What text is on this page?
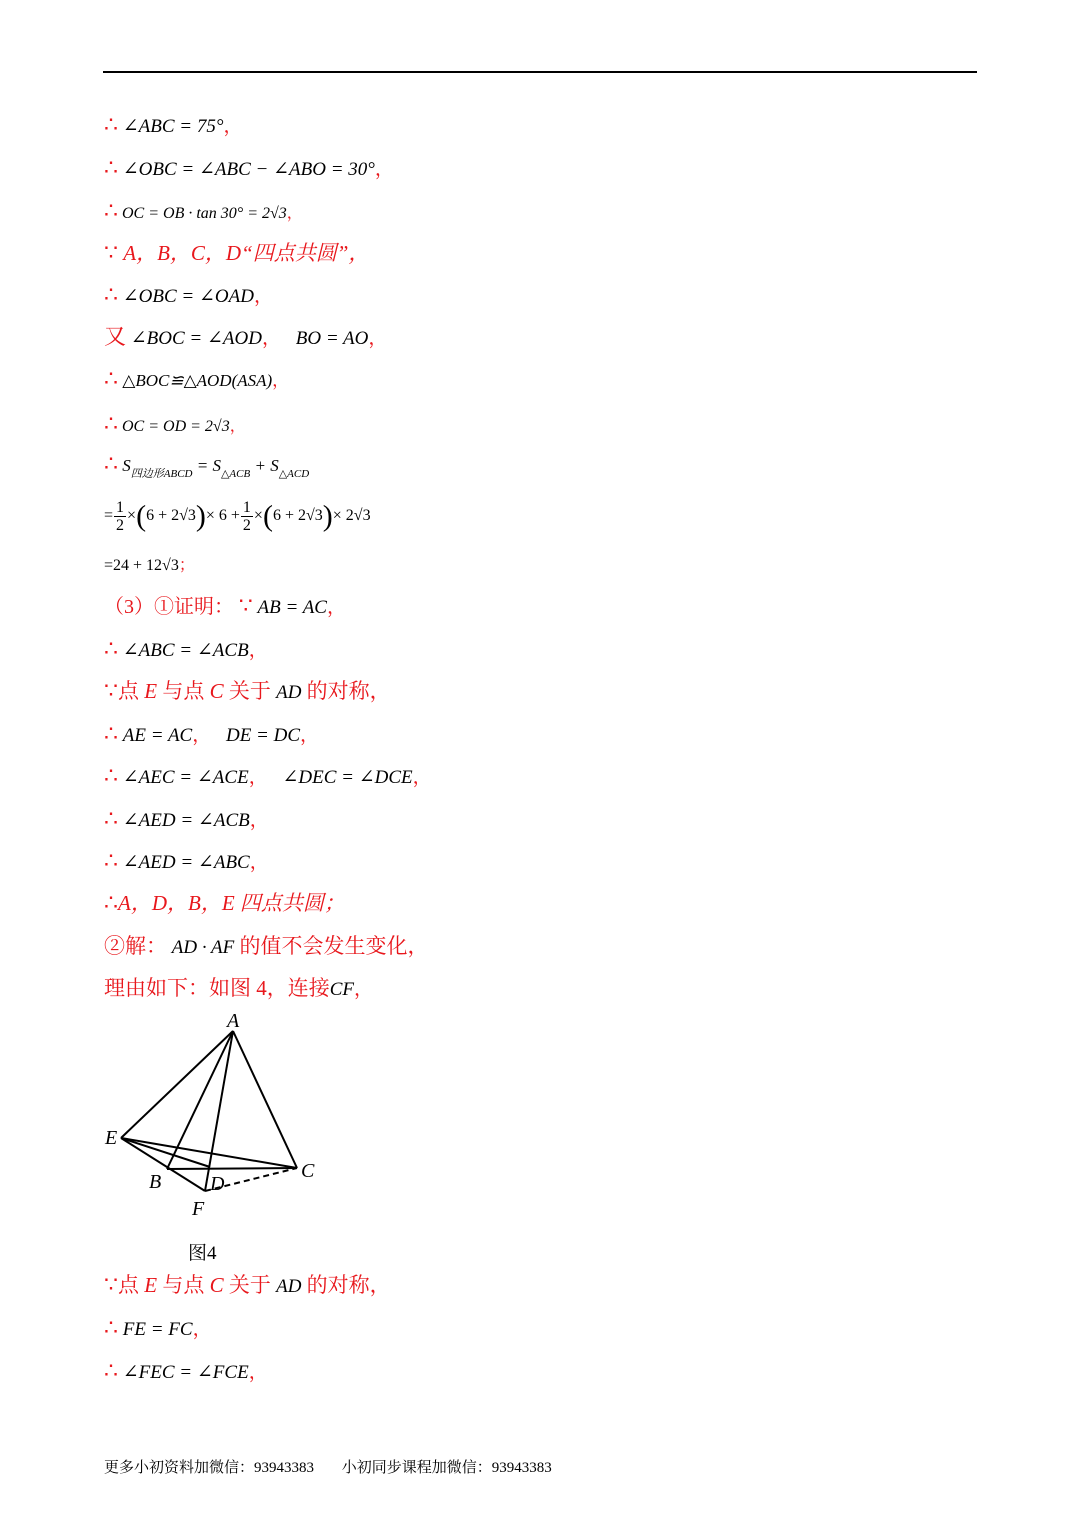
∴ ∠ABC = 75°，
∴ ∠OBC = ∠ABC − ∠ABO = 30°，
∴ OC = OB · tan 30° = 2√3，
∵ A，B，C，D“四点共圆”，
∴ ∠OBC = ∠OAD，
又 ∠BOC = ∠AOD， BO = AO，
∴ △BOC≌△AOD(ASA)，
∴ OC = OD = 2√3，
∴ $S_{四边形ABCD} = S_{\triangle ACB} + S_{\triangle ACD}$
= $\frac{1}{2} \times(6 + 2√3)\times 6 + \frac{1}{2} \times(6 + 2√3)\times 2√3$
=24 + 12√3；
（3）①证明： ∵ AB = AC，
∴ ∠ABC = ∠ACB，
∵点 E 与点 C 关于 AD 的对称，
∴ AE = AC， DE = DC，
∴ ∠AEC = ∠ACE， ∠DEC = ∠DCE，
∴ ∠AED = ∠ACB，
∴ ∠AED = ∠ABC，
∴A，D，B，E 四点共圆；
②解： AD · AF 的值不会发生变化，
理由如下：如图 4，连接CF，
A
E
B D
C
F
图4
∵点 E 与点 C 关于 AD 的对称，
∴ FE = FC，
∴ ∠FEC = ∠FCE，
更多小初资料加微信：93943383 小初同步课程加微信：93943383
